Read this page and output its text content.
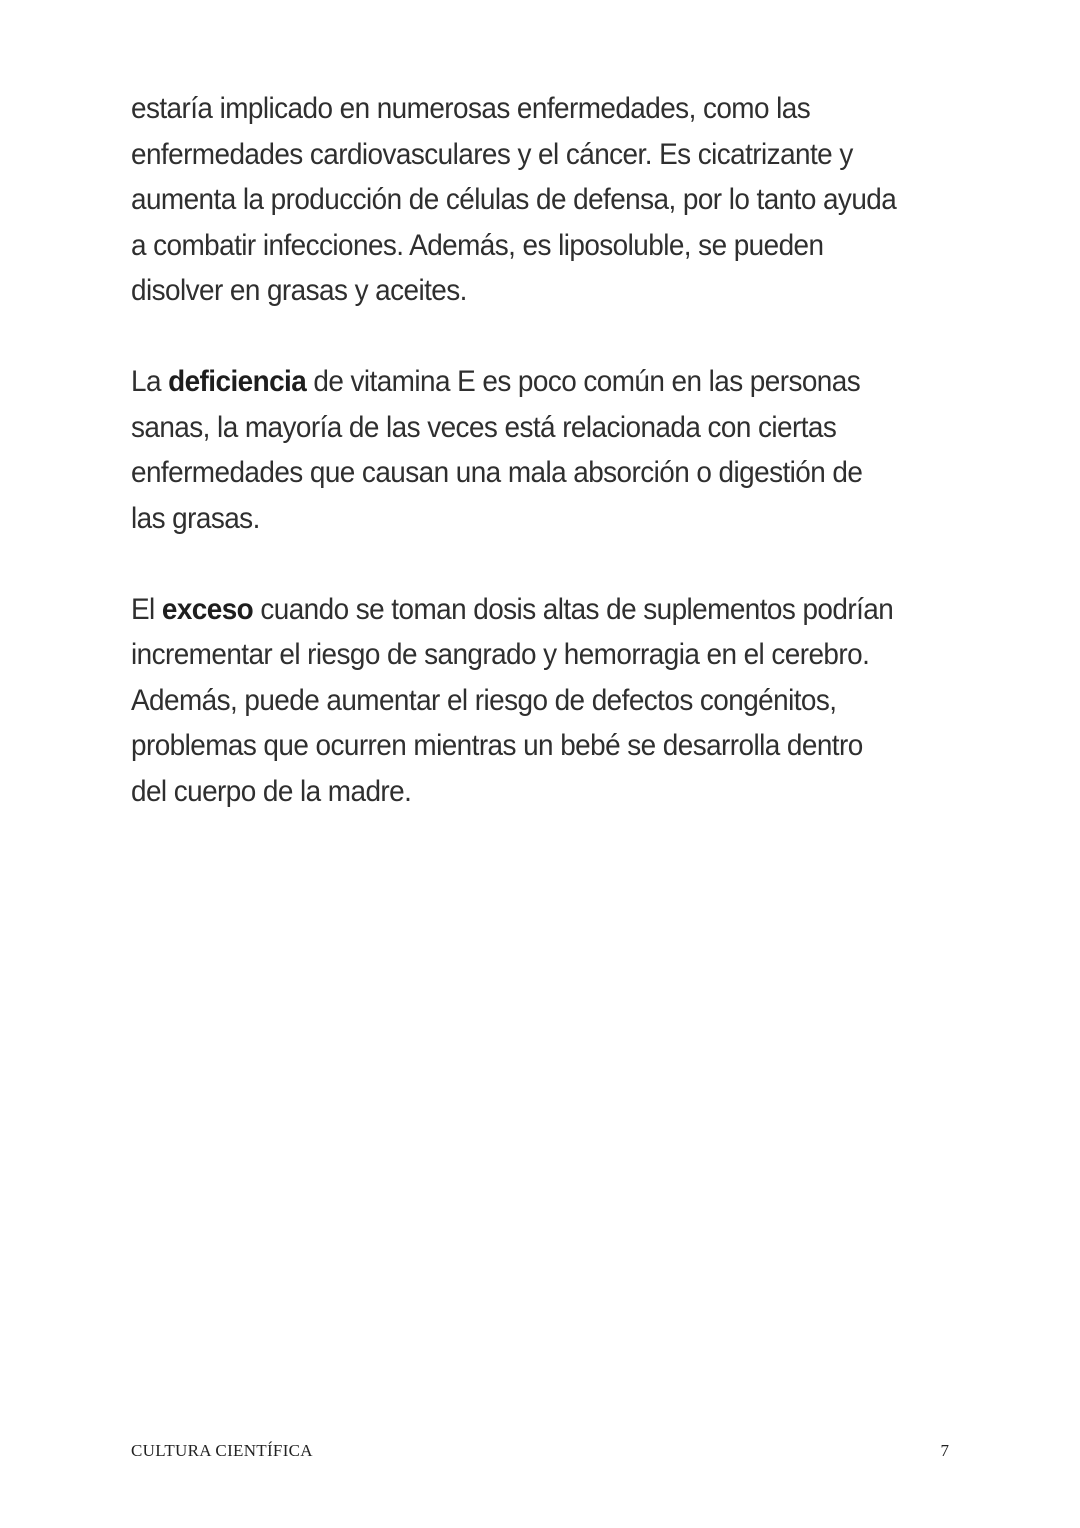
estaría implicado en numerosas enfermedades, como las enfermedades cardiovasculares y el cáncer. Es cicatrizante y aumenta la producción de células de defensa, por lo tanto ayuda a combatir infecciones. Además, es liposoluble, se pueden disolver en grasas y aceites.

La deficiencia de vitamina E es poco común en las personas sanas, la mayoría de las veces está relacionada con ciertas enfermedades que causan una mala absorción o digestión de las grasas.

El exceso cuando se toman dosis altas de suplementos podrían incrementar el riesgo de sangrado y hemorragia en el cerebro. Además, puede aumentar el riesgo de defectos congénitos, problemas que ocurren mientras un bebé se desarrolla dentro del cuerpo de la madre.

CULTURA CIENTÍFICA	7
